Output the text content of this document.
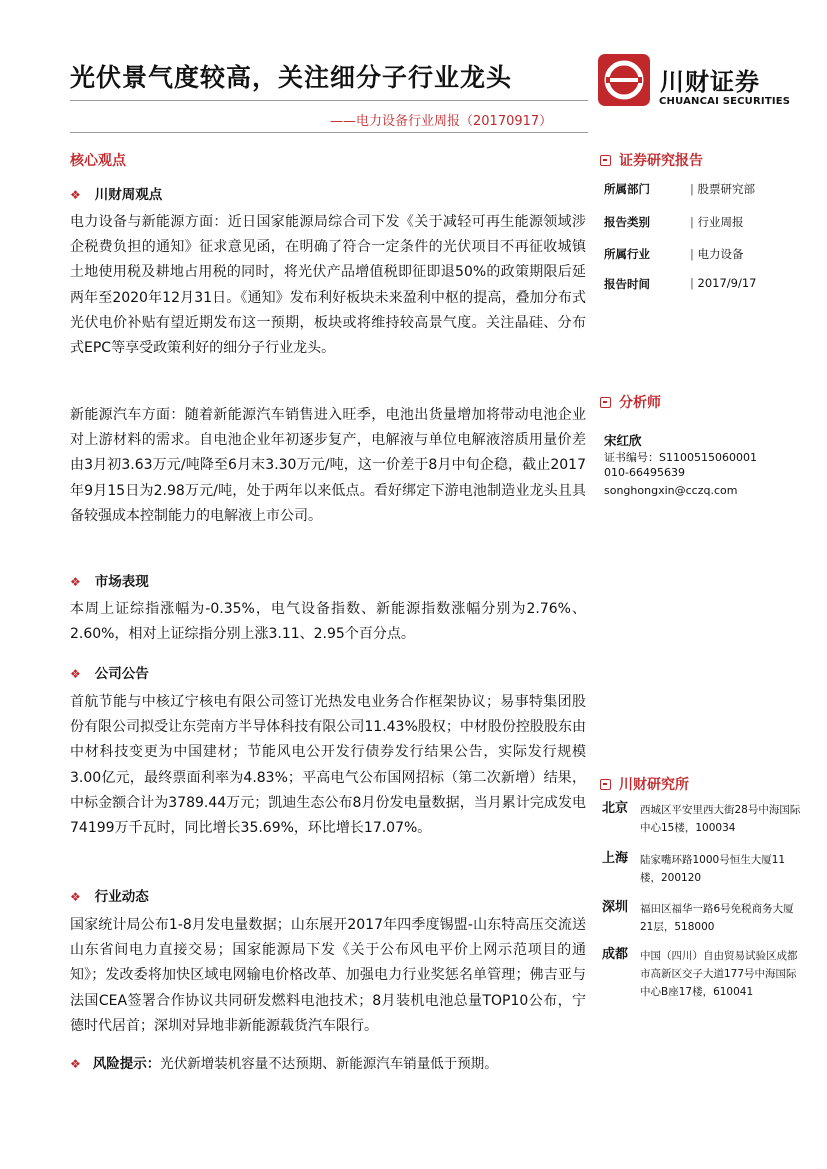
光伏景气度较高，关注细分子行业龙头
——电力设备行业周报（20170917）
川财证券
CHUANCAI SECURITIES
核心观点
❖ 川财周观点
电力设备与新能源方面：近日国家能源局综合司下发《关于减轻可再生能源领域涉企税费负担的通知》征求意见函，在明确了符合一定条件的光伏项目不再征收城镇土地使用税及耕地占用税的同时，将光伏产品增值税即征即退50%的政策期限后延两年至2020年12月31日。《通知》发布利好板块未来盈利中枢的提高，叠加分布式光伏电价补贴有望近期发布这一预期，板块或将维持较高景气度。关注晶硅、分布式EPC等享受政策利好的细分子行业龙头。
新能源汽车方面：随着新能源汽车销售进入旺季，电池出货量增加将带动电池企业对上游材料的需求。自电池企业年初逐步复产，电解液与单位电解液溶质用量价差由3月初3.63万元/吨降至6月末3.30万元/吨，这一价差于8月中旬企稳，截止2017年9月15日为2.98万元/吨，处于两年以来低点。看好绑定下游电池制造业龙头且具备较强成本控制能力的电解液上市公司。
❖ 市场表现
本周上证综指涨幅为-0.35%，电气设备指数、新能源指数涨幅分别为2.76%、2.60%，相对上证综指分别上涨3.11、2.95个百分点。
❖ 公司公告
首航节能与中核辽宁核电有限公司签订光热发电业务合作框架协议；易事特集团股份有限公司拟受让东莞南方半导体科技有限公司11.43%股权；中材股份控股股东由中材科技变更为中国建材；节能风电公开发行债券发行结果公告，实际发行规模3.00亿元，最终票面利率为4.83%；平高电气公布国网招标（第二次新增）结果，中标金额合计为3789.44万元；凯迪生态公布8月份发电量数据，当月累计完成发电74199万千瓦时，同比增长35.69%，环比增长17.07%。
❖ 行业动态
国家统计局公布1-8月发电量数据；山东展开2017年四季度锡盟-山东特高压交流送山东省间电力直接交易；国家能源局下发《关于公布风电平价上网示范项目的通知》；发改委将加快区域电网输电价格改革、加强电力行业奖惩名单管理；佛吉亚与法国CEA签署合作协议共同研发燃料电池技术；8月装机电池总量TOP10公布，宁德时代居首；深圳对异地非新能源载货汽车限行。
❖ 风险提示：光伏新增装机容量不达预期、新能源汽车销量低于预期。
证券研究报告
所属部门	| 股票研究部
报告类别	| 行业周报
所属行业	| 电力设备
报告时间	| 2017/9/17
分析师
宋红欣
证书编号：S1100515060001
010-66495639
songhongxin@cczq.com
川财研究所
北京 西城区平安里西大街28号中海国际中心15楼，100034
上海 陆家嘴环路1000号恒生大厦11楼，200120
深圳 福田区福华一路6号免税商务大厦21层，518000
成都 中国（四川）自由贸易试验区成都市高新区交子大道177号中海国际中心B座17楼，610041
